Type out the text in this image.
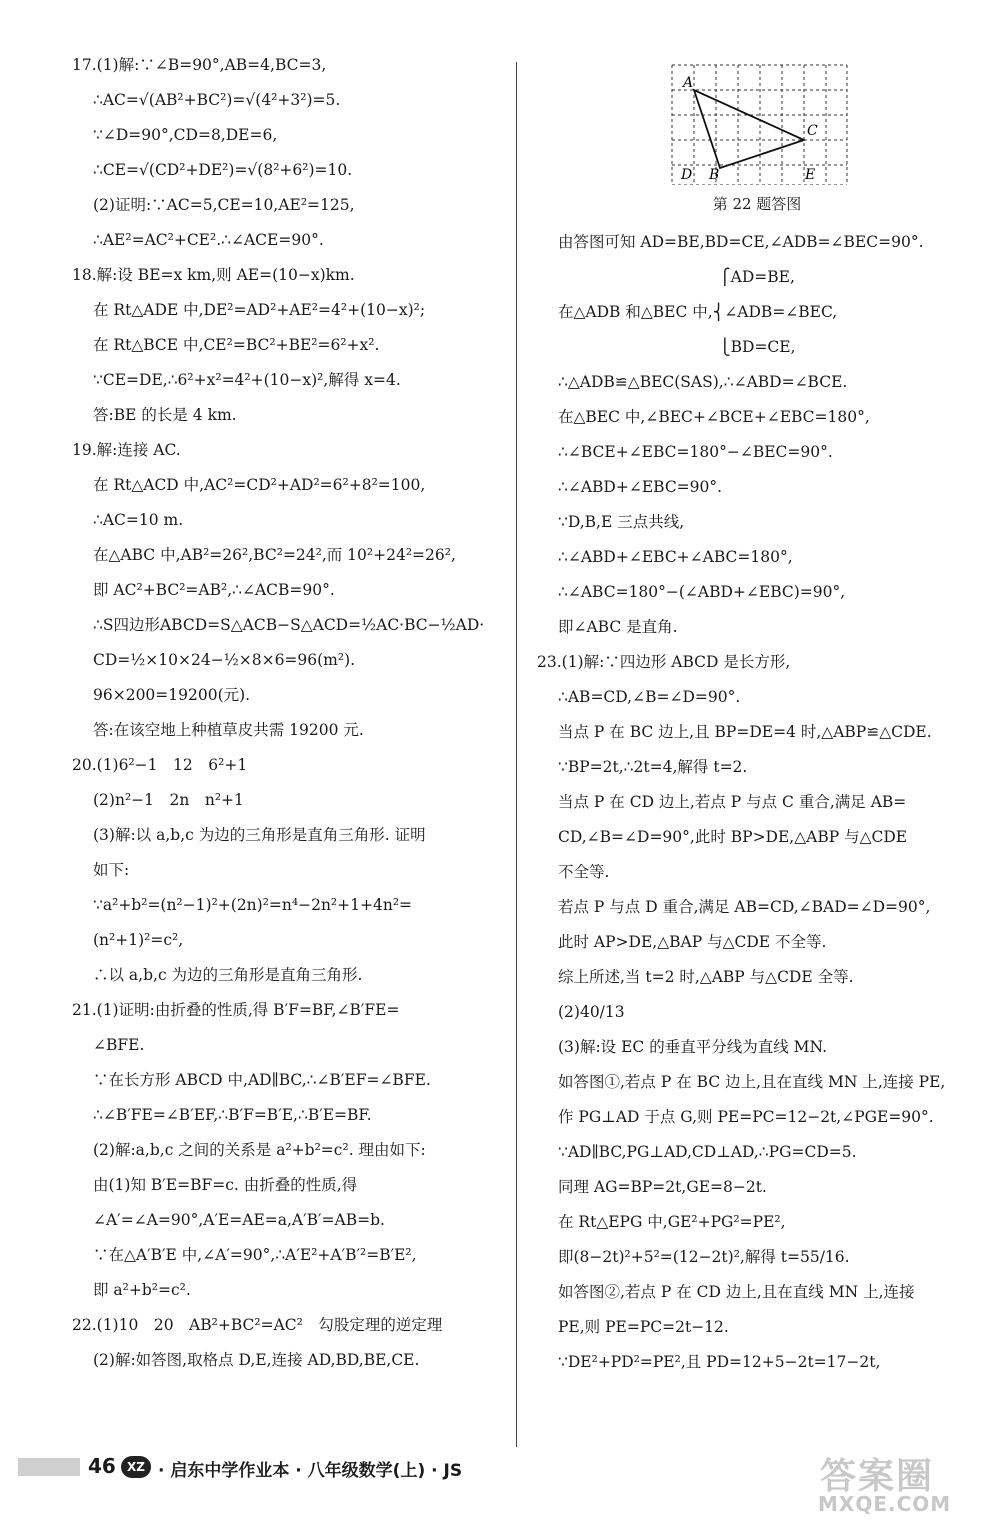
17.(1)解:∵∠B=90°,AB=4,BC=3,
∴AC=√(AB²+BC²)=√(4²+3²)=5.
∵∠D=90°,CD=8,DE=6,
∴CE=√(CD²+DE²)=√(8²+6²)=10.
(2)证明:∵AC=5,CE=10,AE²=125,
∴AE²=AC²+CE².∴∠ACE=90°.
18.解:设 BE=x km,则 AE=(10−x)km.
在 Rt△ADE 中,DE²=AD²+AE²=4²+(10−x)²;
在 Rt△BCE 中,CE²=BC²+BE²=6²+x².
∵CE=DE,∴6²+x²=4²+(10−x)²,解得 x=4.
答:BE 的长是 4 km.
19.解:连接 AC.
在 Rt△ACD 中,AC²=CD²+AD²=6²+8²=100,
∴AC=10 m.
在△ABC 中,AB²=26²,BC²=24²,而 10²+24²=26²,
即 AC²+BC²=AB²,∴∠ACB=90°.
∴S四边形ABCD=S△ACB−S△ACD=½AC·BC−½AD·
CD=½×10×24−½×8×6=96(m²).
96×200=19200(元).
答:在该空地上种植草皮共需 19200 元.
20.(1)6²−1　12　6²+1
(2)n²−1　2n　n²+1
(3)解:以 a,b,c 为边的三角形是直角三角形. 证明
如下:
∵a²+b²=(n²−1)²+(2n)²=n⁴−2n²+1+4n²=
(n²+1)²=c²,
∴以 a,b,c 为边的三角形是直角三角形.
21.(1)证明:由折叠的性质,得 B′F=BF,∠B′FE=
∠BFE.
∵在长方形 ABCD 中,AD∥BC,∴∠B′EF=∠BFE.
∴∠B′FE=∠B′EF,∴B′F=B′E,∴B′E=BF.
(2)解:a,b,c 之间的关系是 a²+b²=c². 理由如下:
由(1)知 B′E=BF=c. 由折叠的性质,得
∠A′=∠A=90°,A′E=AE=a,A′B′=AB=b.
∵在△A′B′E 中,∠A′=90°,∴A′E²+A′B′²=B′E²,
即 a²+b²=c².
22.(1)10　20　AB²+BC²=AC²　勾股定理的逆定理
(2)解:如答图,取格点 D,E,连接 AD,BD,BE,CE.
A
B
C
D	E
第 22 题答图
由答图可知 AD=BE,BD=CE,∠ADB=∠BEC=90°.
⎧AD=BE,
在△ADB 和△BEC 中,⎨∠ADB=∠BEC,
⎩BD=CE,
∴△ADB≌△BEC(SAS),∴∠ABD=∠BCE.
在△BEC 中,∠BEC+∠BCE+∠EBC=180°,
∴∠BCE+∠EBC=180°−∠BEC=90°.
∴∠ABD+∠EBC=90°.
∵D,B,E 三点共线,
∴∠ABD+∠EBC+∠ABC=180°,
∴∠ABC=180°−(∠ABD+∠EBC)=90°,
即∠ABC 是直角.
23.(1)解:∵四边形 ABCD 是长方形,
∴AB=CD,∠B=∠D=90°.
当点 P 在 BC 边上,且 BP=DE=4 时,△ABP≌△CDE.
∵BP=2t,∴2t=4,解得 t=2.
当点 P 在 CD 边上,若点 P 与点 C 重合,满足 AB=
CD,∠B=∠D=90°,此时 BP>DE,△ABP 与△CDE
不全等.
若点 P 与点 D 重合,满足 AB=CD,∠BAD=∠D=90°,
此时 AP>DE,△BAP 与△CDE 不全等.
综上所述,当 t=2 时,△ABP 与△CDE 全等.
(2)40/13
(3)解:设 EC 的垂直平分线为直线 MN.
如答图①,若点 P 在 BC 边上,且在直线 MN 上,连接 PE,
作 PG⊥AD 于点 G,则 PE=PC=12−2t,∠PGE=90°.
∵AD∥BC,PG⊥AD,CD⊥AD,∴PG=CD=5.
同理 AG=BP=2t,GE=8−2t.
在 Rt△EPG 中,GE²+PG²=PE²,
即(8−2t)²+5²=(12−2t)²,解得 t=55/16.
如答图②,若点 P 在 CD 边上,且在直线 MN 上,连接
PE,则 PE=PC=2t−12.
∵DE²+PD²=PE²,且 PD=12+5−2t=17−2t,
46 XZ · 启东中学作业本 · 八年级数学(上) · JS	答案圈
MXQE.COM
